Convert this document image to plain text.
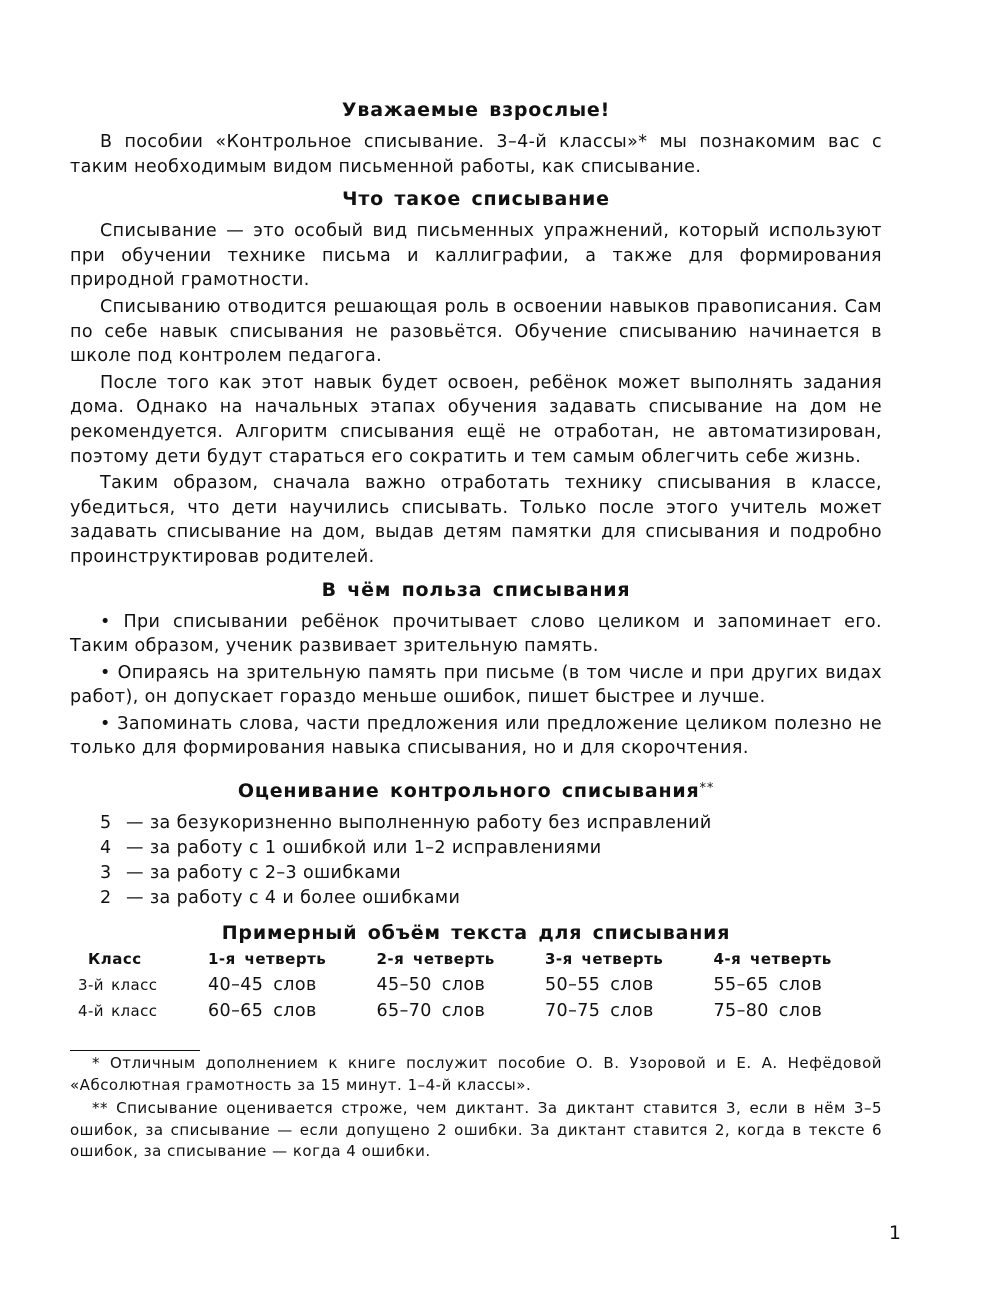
Уважаемые взрослые!

В пособии «Контрольное списывание. 3–4-й классы»* мы познакомим вас с таким необходимым видом письменной работы, как списывание.

Что такое списывание

Списывание — это особый вид письменных упражнений, который используют при обучении технике письма и каллиграфии, а также для формирования природной грамотности.

Списыванию отводится решающая роль в освоении навыков правописания. Сам по себе навык списывания не разовьётся. Обучение списыванию начинается в школе под контролем педагога.

После того как этот навык будет освоен, ребёнок может выполнять задания дома. Однако на начальных этапах обучения задавать списывание на дом не рекомендуется. Алгоритм списывания ещё не отработан, не автоматизирован, поэтому дети будут стараться его сократить и тем самым облегчить себе жизнь.

Таким образом, сначала важно отработать технику списывания в классе, убедиться, что дети научились списывать. Только после этого учитель может задавать списывание на дом, выдав детям памятки для списывания и подробно проинструктировав родителей.

В чём польза списывания

• При списывании ребёнок прочитывает слово целиком и запоминает его. Таким образом, ученик развивает зрительную память.

• Опираясь на зрительную память при письме (в том числе и при других видах работ), он допускает гораздо меньше ошибок, пишет быстрее и лучше.

• Запоминать слова, части предложения или предложение целиком полезно не только для формирования навыка списывания, но и для скорочтения.

Оценивание контрольного списывания**
5 — за безукоризненно выполненную работу без исправлений
4 — за работу с 1 ошибкой или 1–2 исправлениями
3 — за работу с 2–3 ошибками
2 — за работу с 4 и более ошибками
Примерный объём текста для списывания
Класс	1-я четверть	2-я четверть	3-я четверть	4-я четверть
3-й класс	40–45 слов	45–50 слов	50–55 слов	55–65 слов
4-й класс	60–65 слов	65–70 слов	70–75 слов	75–80 слов

* Отличным дополнением к книге послужит пособие О. В. Узоровой и Е. А. Нефёдовой «Абсолютная грамотность за 15 минут. 1–4-й классы».

** Списывание оценивается строже, чем диктант. За диктант ставится 3, если в нём 3–5 ошибок, за списывание — если допущено 2 ошибки. За диктант ставится 2, когда в тексте 6 ошибок, за списывание — когда 4 ошибки.

1
